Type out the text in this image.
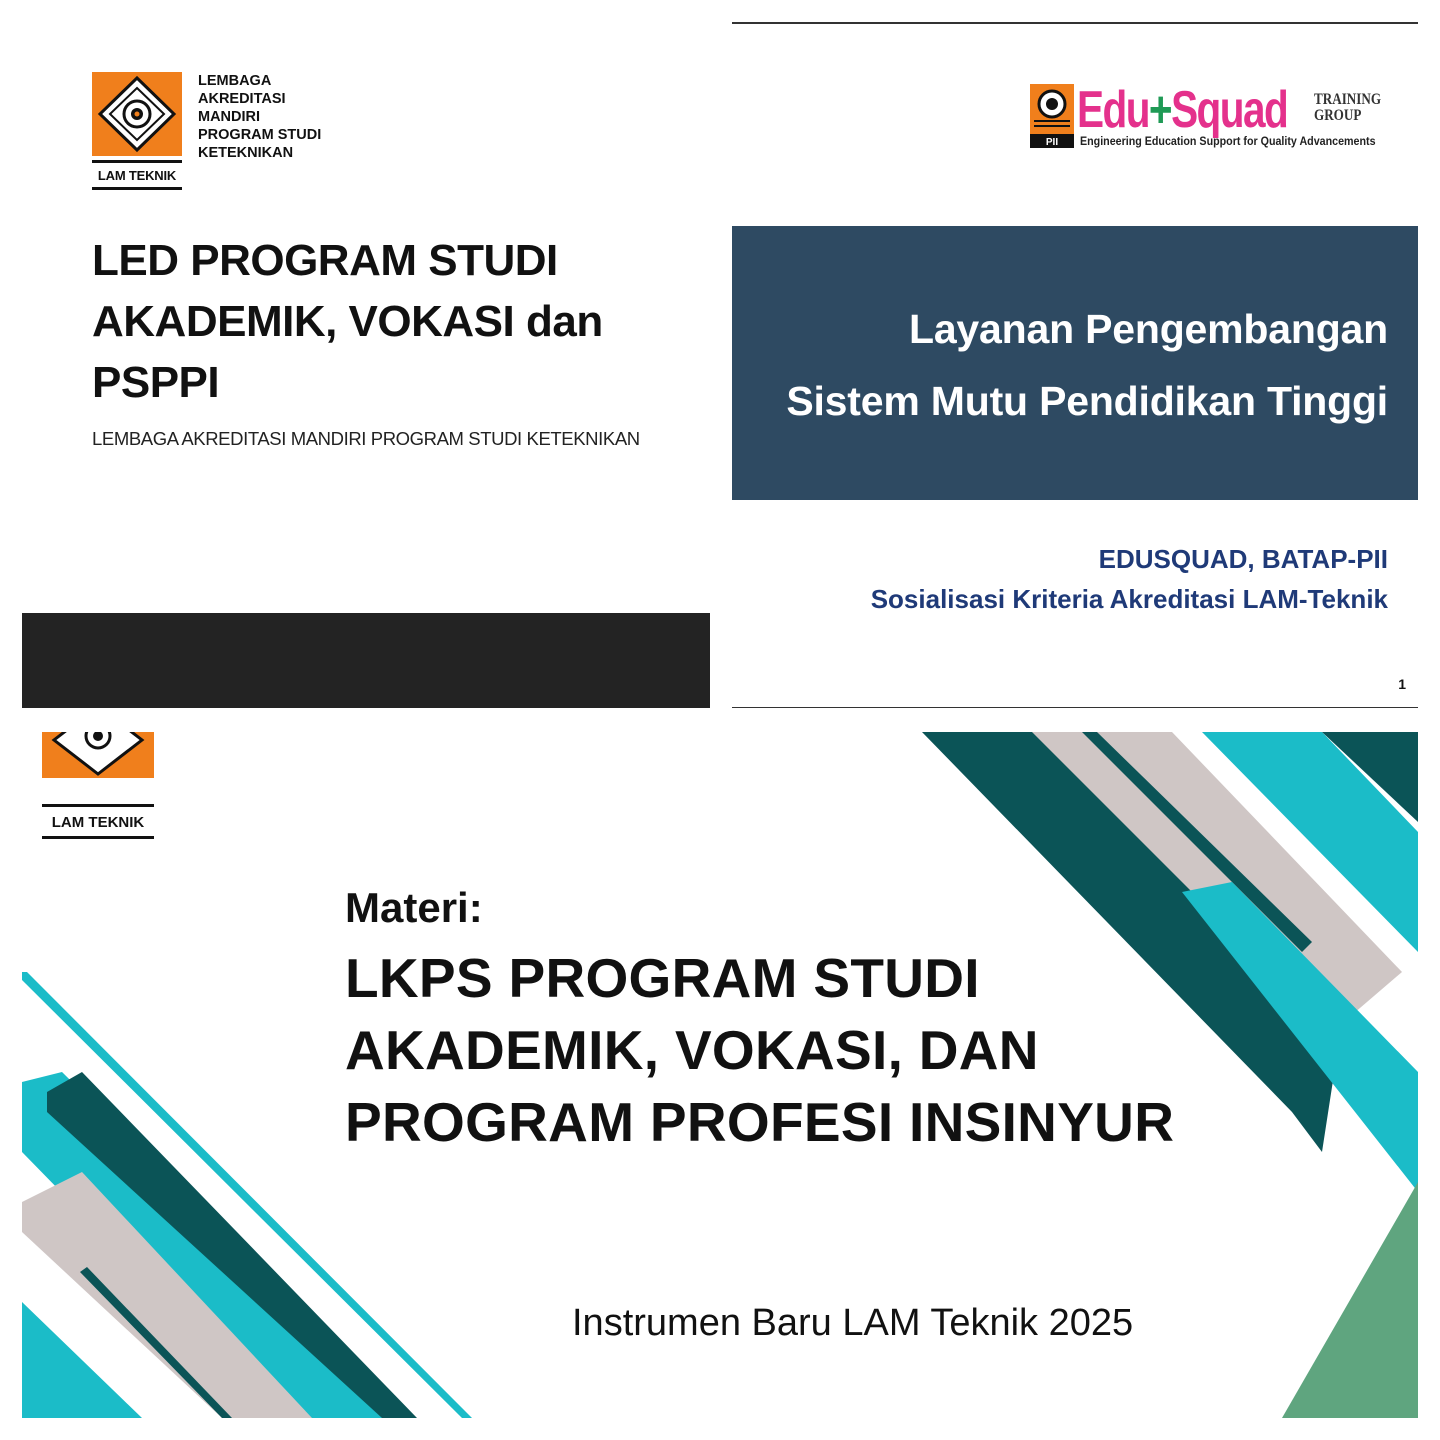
LAM TEKNIK
LEMBAGA
AKREDITASI
MANDIRI
PROGRAM STUDI
KETEKNIKAN
LED PROGRAM STUDI
AKADEMIK, VOKASI dan
PSPPI
LEMBAGA AKREDITASI MANDIRI PROGRAM STUDI KETEKNIKAN
PII
Edu+Squad TRAINING
GROUP
Engineering Education Support for Quality Advancements
Layanan Pengembangan
Sistem Mutu Pendidikan Tinggi
EDUSQUAD, BATAP-PII
Sosialisasi Kriteria Akreditasi LAM-Teknik
1
LAM TEKNIK
Materi:
LKPS PROGRAM STUDI
AKADEMIK, VOKASI, DAN
PROGRAM PROFESI INSINYUR
Instrumen Baru LAM Teknik 2025
